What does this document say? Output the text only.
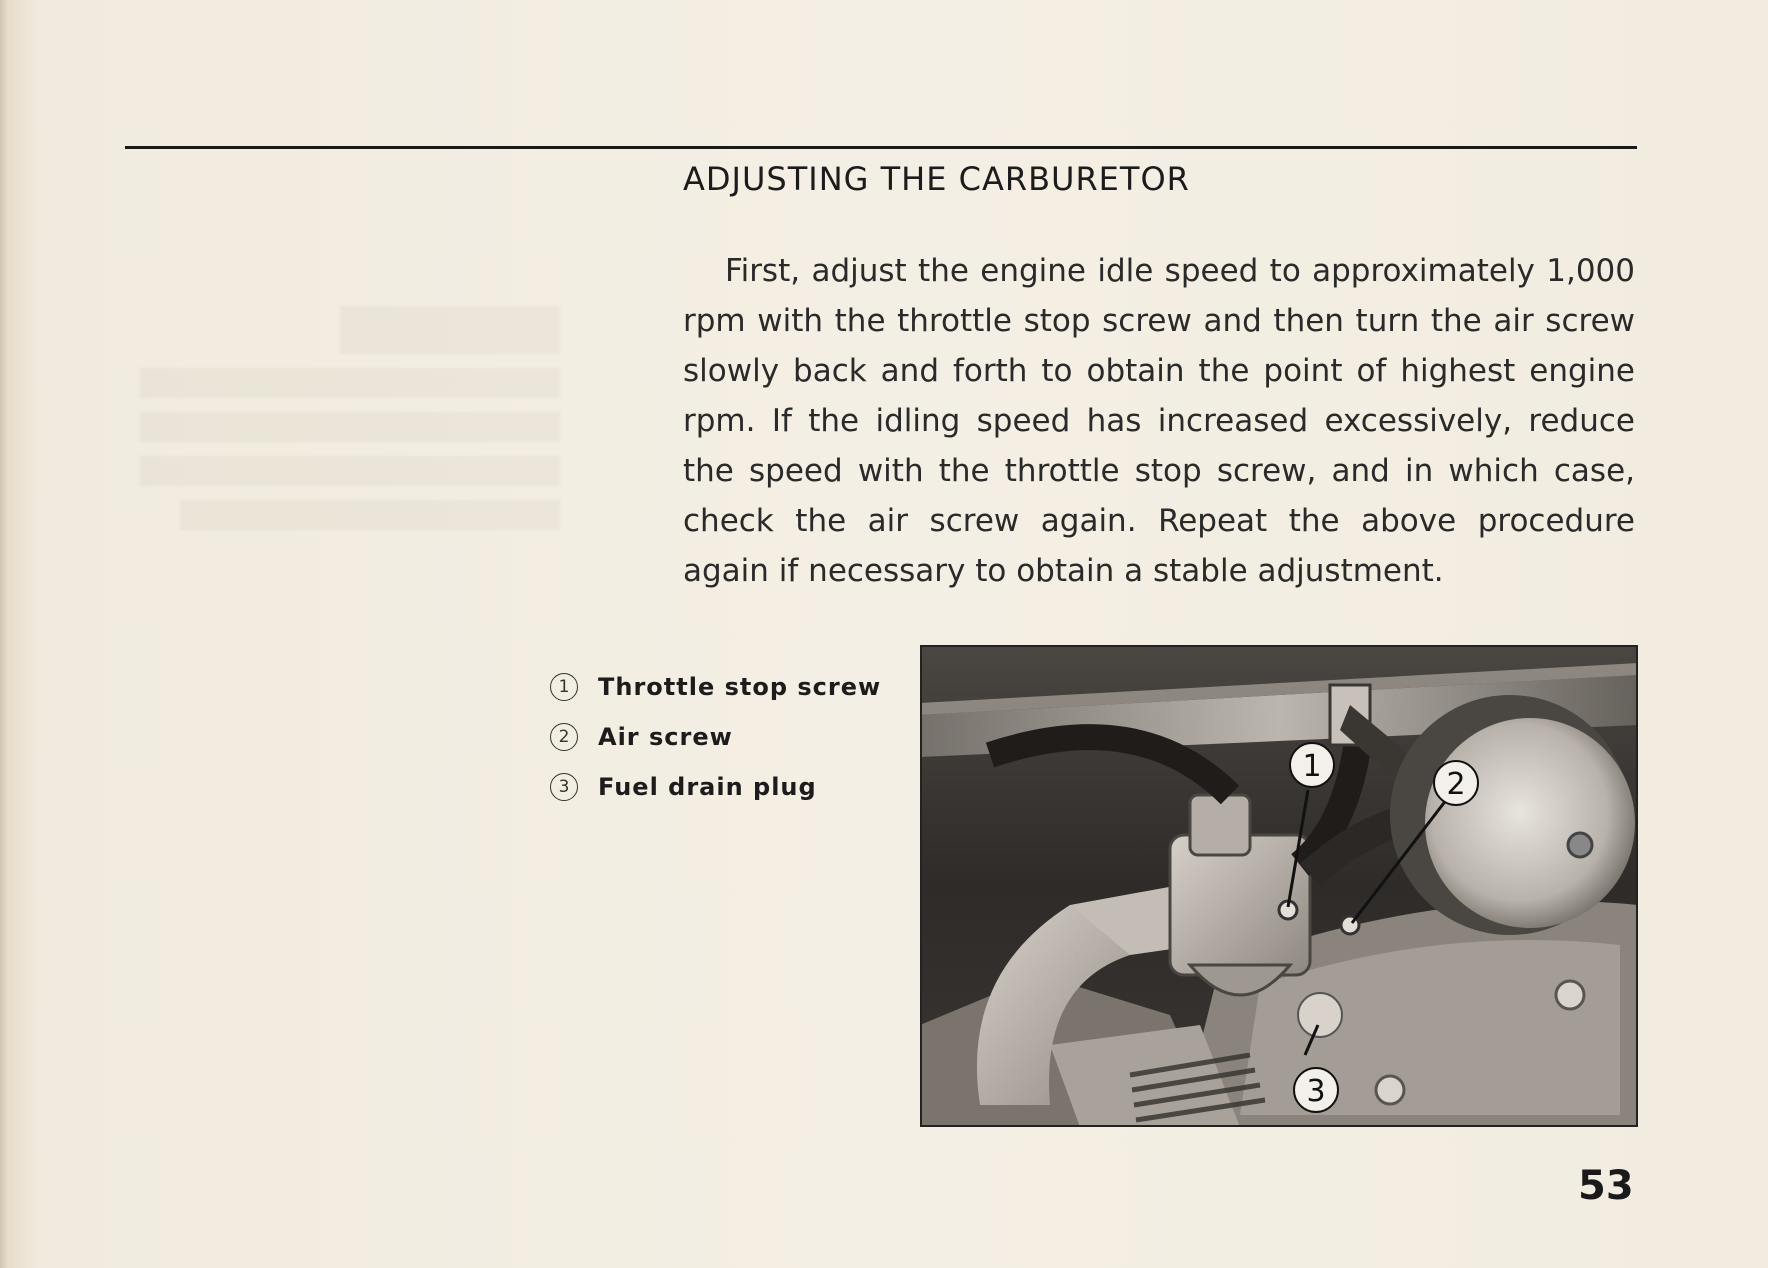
ADJUSTING THE CARBURETOR

First, adjust the engine idle speed to approximately 1,000 rpm with the throttle stop screw and then turn the air screw slowly back and forth to obtain the point of highest engine rpm. If the idling speed has increased excessively, reduce the speed with the throttle stop screw, and in which case, check the air screw again. Repeat the above procedure again if necessary to obtain a stable adjustment.

1	Throttle stop screw
2	Air screw
3	Fuel drain plug
1
2
3
53
